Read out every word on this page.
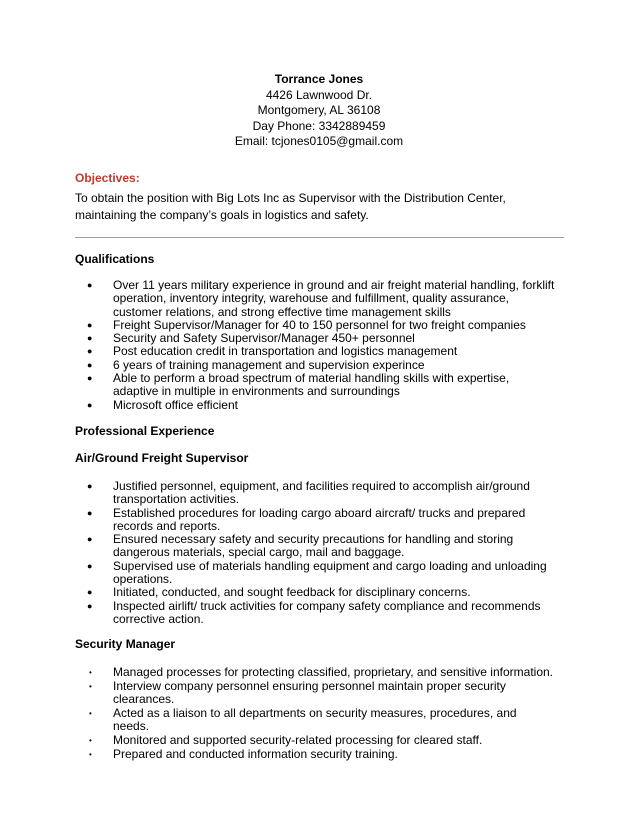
Torrance Jones
4426 Lawnwood Dr.
Montgomery, AL 36108
Day Phone: 3342889459
Email: tcjones0105@gmail.com
Objectives:
To obtain the position with Big Lots Inc as Supervisor with the Distribution Center, maintaining the company’s goals in logistics and safety.
Qualifications
● Over 11 years military experience in ground and air freight material handling, forklift operation, inventory integrity, warehouse and fulfillment, quality assurance, customer relations, and strong effective time management skills
● Freight Supervisor/Manager for 40 to 150 personnel for two freight companies
● Security and Safety Supervisor/Manager 450+ personnel
● Post education credit in transportation and logistics management
● 6 years of training management and supervision experince
● Able to perform a broad spectrum of material handling skills with expertise, adaptive in multiple in environments and surroundings
● Microsoft office efficient
Professional Experience
Air/Ground Freight Supervisor
● Justified personnel, equipment, and facilities required to accomplish air/ground transportation activities.
● Established procedures for loading cargo aboard aircraft/ trucks and prepared records and reports.
● Ensured necessary safety and security precautions for handling and storing dangerous materials, special cargo, mail and baggage.
● Supervised use of materials handling equipment and cargo loading and unloading operations.
● Initiated, conducted, and sought feedback for disciplinary concerns.
● Inspected airlift/ truck activities for company safety compliance and recommends corrective action.
Security Manager
• Managed processes for protecting classified, proprietary, and sensitive information.
• Interview company personnel ensuring personnel maintain proper security clearances.
• Acted as a liaison to all departments on security measures, procedures, and needs.
• Monitored and supported security-related processing for cleared staff.
• Prepared and conducted information security training.
